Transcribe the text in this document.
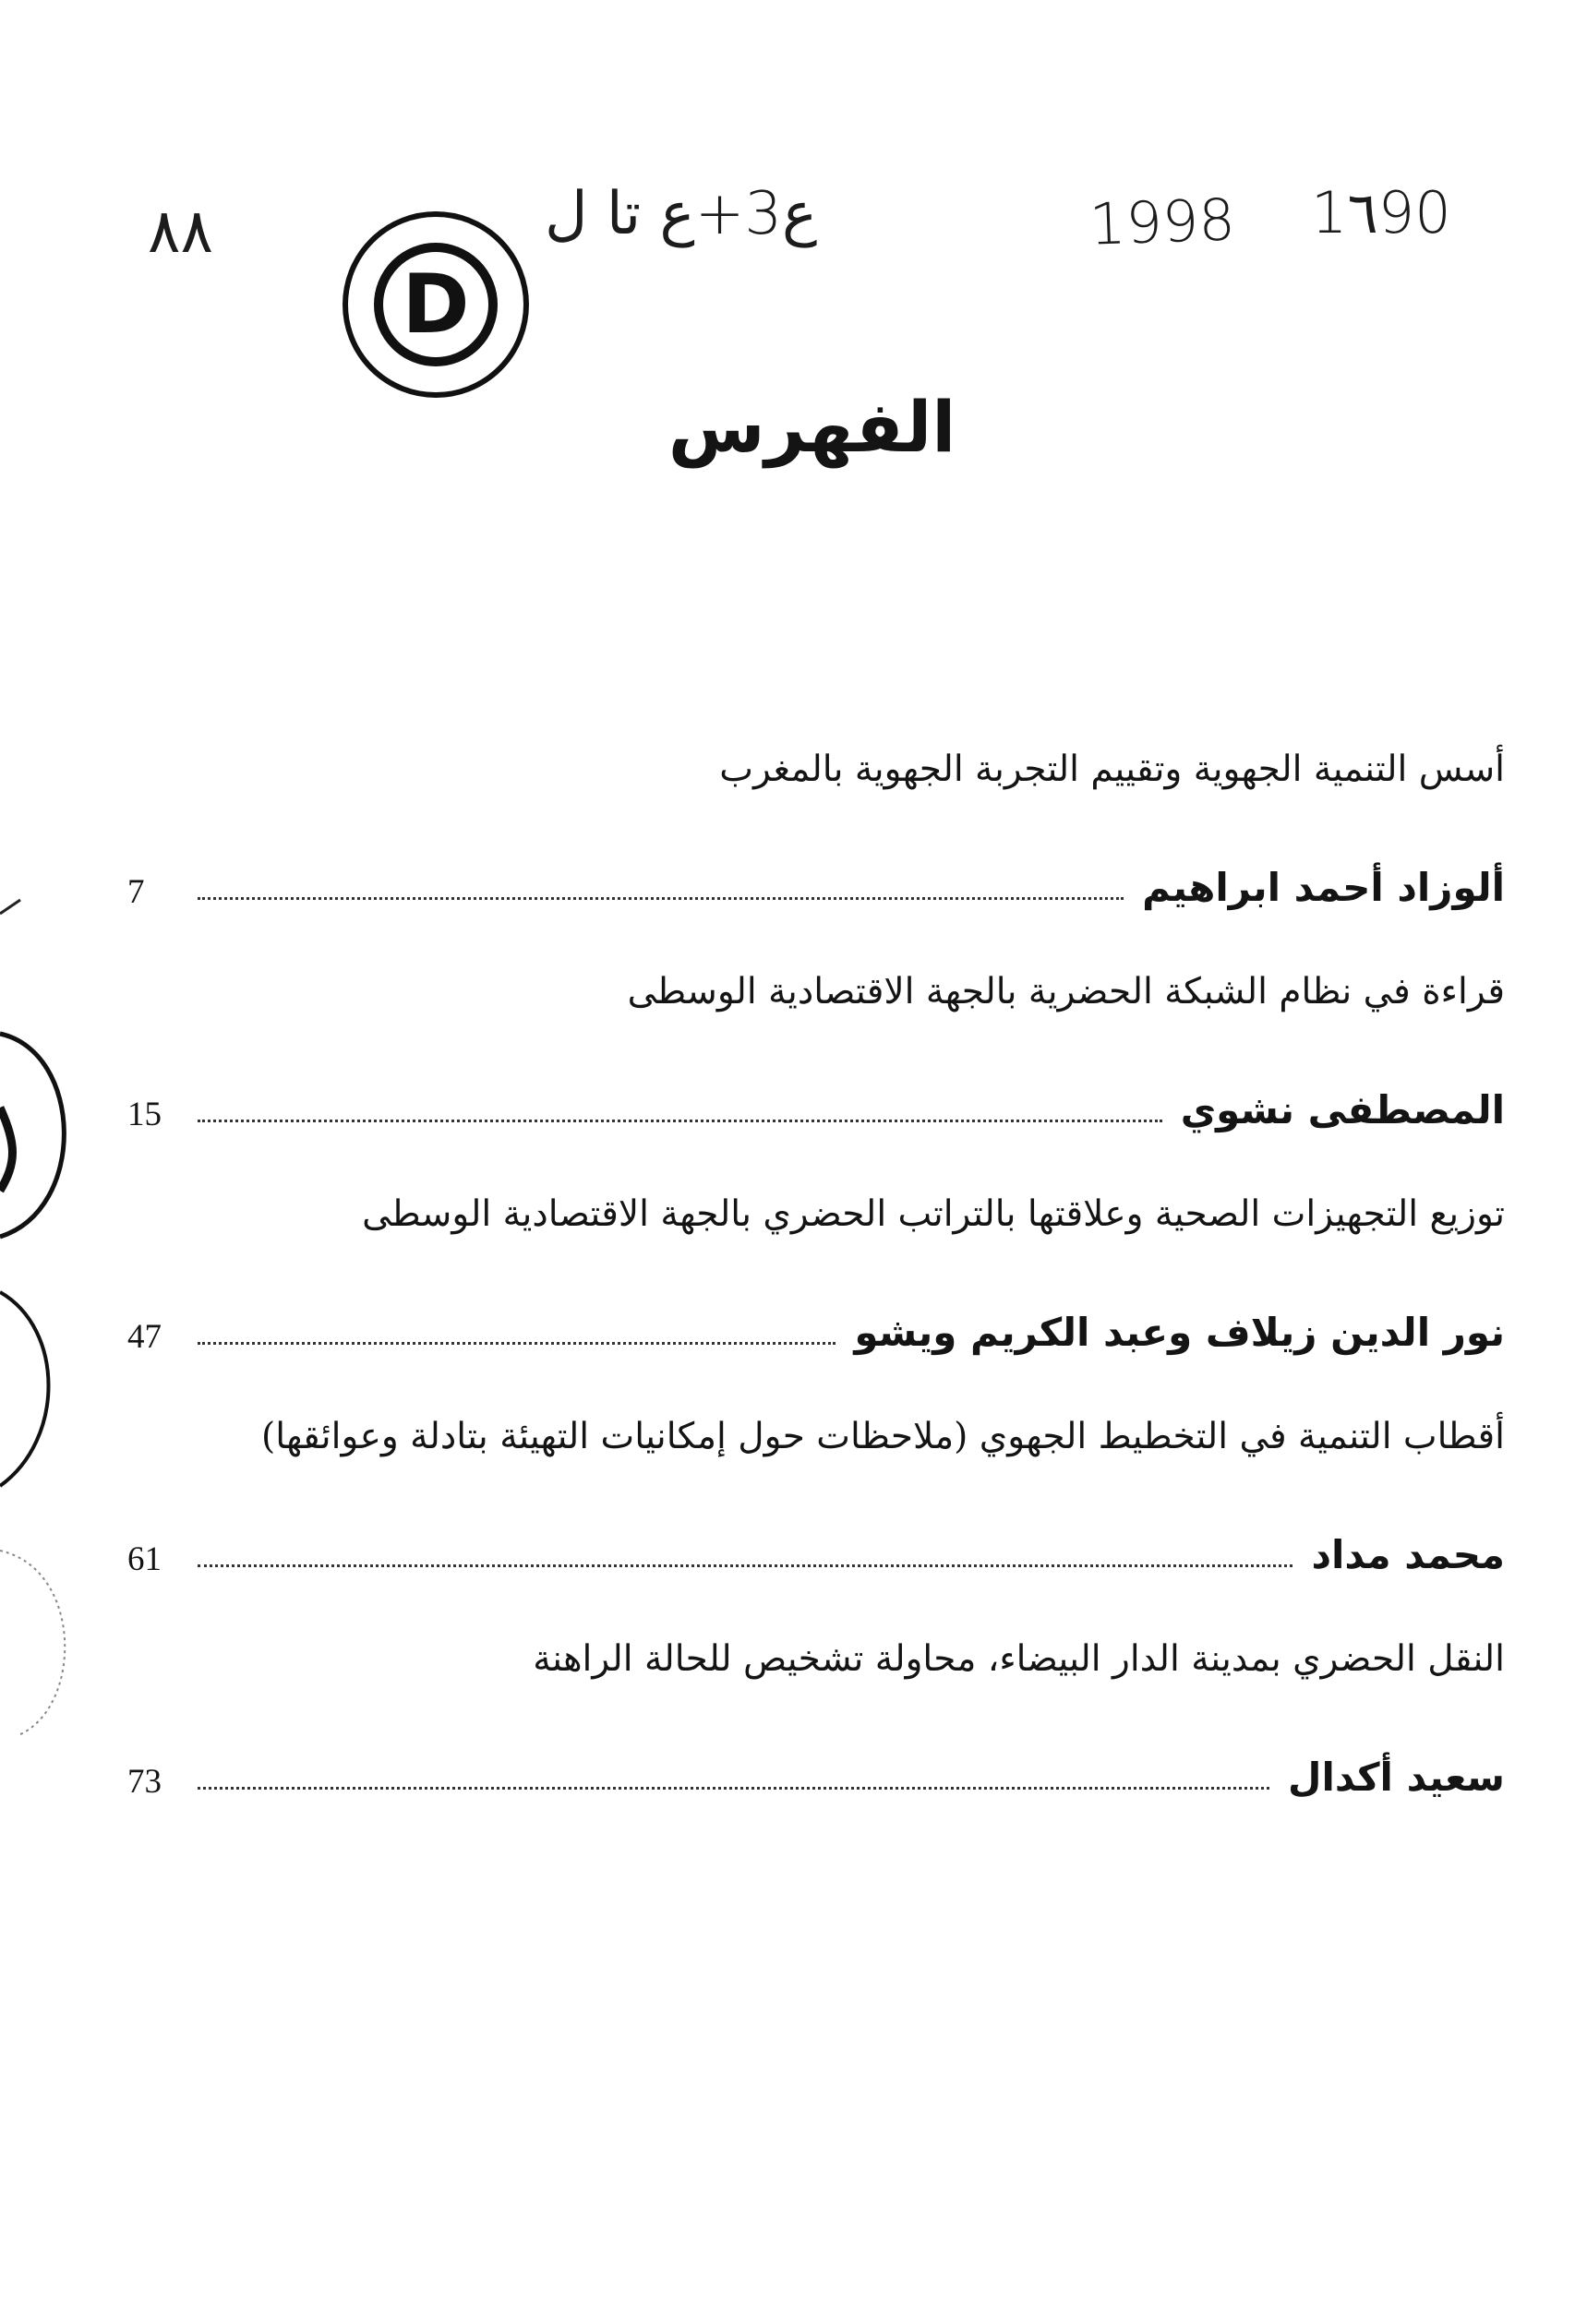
٨٨	ع3+ع تا ل	1998 1٦90
D
الفهرس
أسس التنمية الجهوية وتقييم التجربة الجهوية بالمغرب
7	ألوزاد أحمد ابراهيم
قراءة في نظام الشبكة الحضرية بالجهة الاقتصادية الوسطى
15	المصطفى نشوي
توزيع التجهيزات الصحية وعلاقتها بالتراتب الحضري بالجهة الاقتصادية الوسطى
47	نور الدين زيلاف وعبد الكريم ويشو
أقطاب التنمية في التخطيط الجهوي (ملاحظات حول إمكانيات التهيئة بتادلة وعوائقها)
61	محمد مداد
النقل الحضري بمدينة الدار البيضاء، محاولة تشخيص للحالة الراهنة
73	سعيد أكدال
